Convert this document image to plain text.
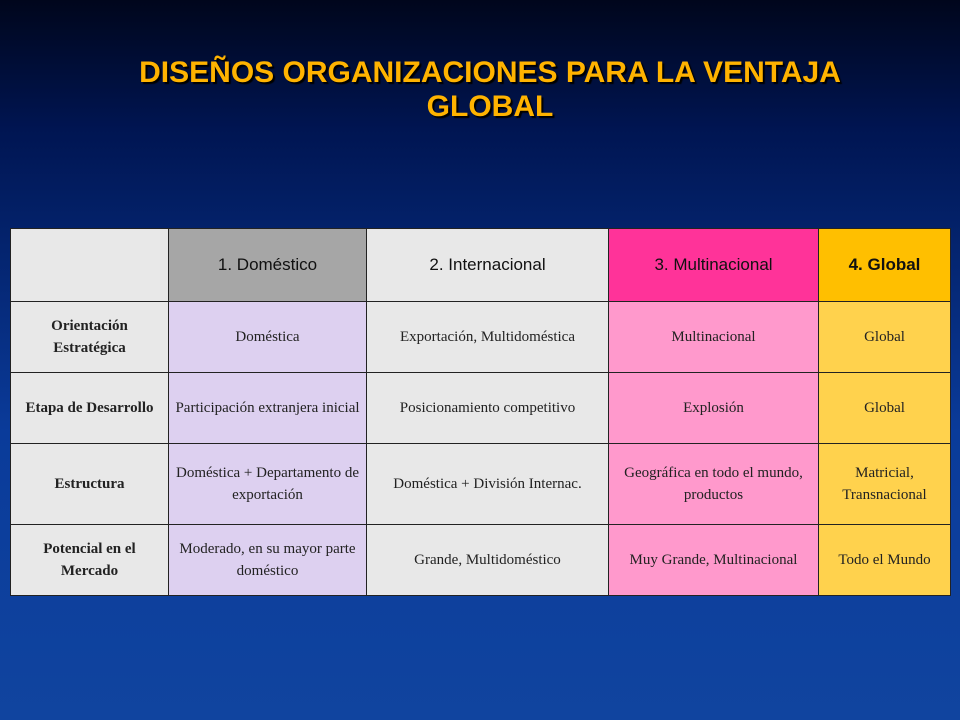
DISEÑOS ORGANIZACIONES PARA LA VENTAJA
GLOBAL
	1. Doméstico	2. Internacional	3. Multinacional	4. Global
Orientación Estratégica	Doméstica	Exportación, Multidoméstica	Multinacional	Global
Etapa de Desarrollo	Participación extranjera inicial	Posicionamiento competitivo	Explosión	Global
Estructura	Doméstica + Departamento de exportación	Doméstica + División Internac.	Geográfica en todo el mundo, productos	Matricial, Transnacional
Potencial en el Mercado	Moderado, en su mayor parte doméstico	Grande, Multidoméstico	Muy Grande, Multinacional	Todo el Mundo
